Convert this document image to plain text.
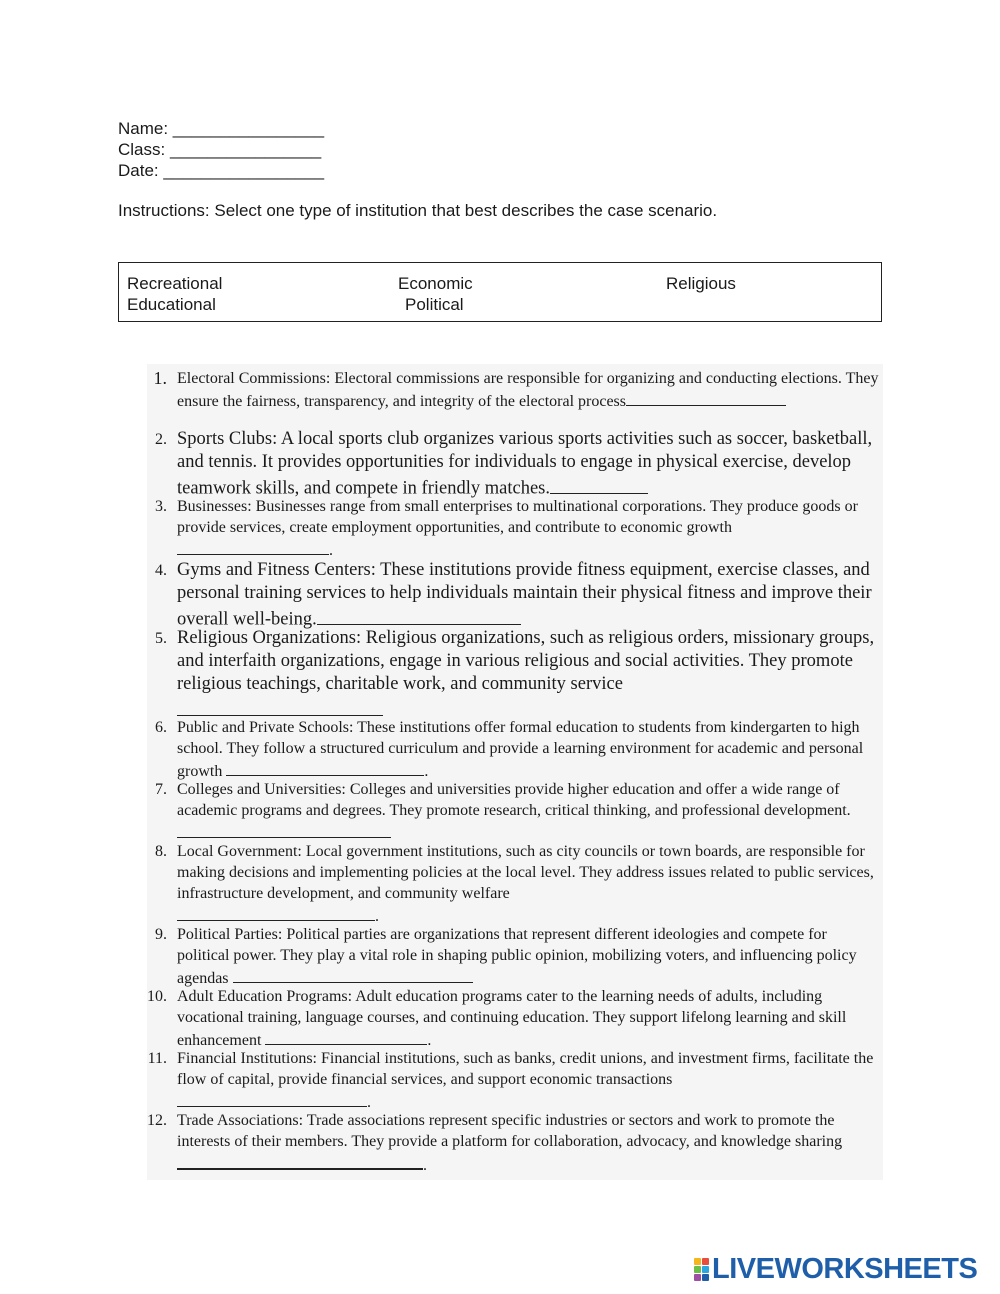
Name: ________________
Class: ________________
Date: _________________
Instructions: Select one type of institution that best describes the case scenario.
Recreational	Economic	Religious
Educational	Political
1. Electoral Commissions: Electoral commissions are responsible for organizing and conducting elections. They ensure the fairness, transparency, and integrity of the electoral process
2. Sports Clubs: A local sports club organizes various sports activities such as soccer, basketball, and tennis. It provides opportunities for individuals to engage in physical exercise, develop teamwork skills, and compete in friendly matches.
3. Businesses: Businesses range from small enterprises to multinational corporations. They produce goods or provide services, create employment opportunities, and contribute to economic growth
.
4. Gyms and Fitness Centers: These institutions provide fitness equipment, exercise classes, and personal training services to help individuals maintain their physical fitness and improve their overall well-being.
5. Religious Organizations: Religious organizations, such as religious orders, missionary groups, and interfaith organizations, engage in various religious and social activities. They promote religious teachings, charitable work, and community service

6. Public and Private Schools: These institutions offer formal education to students from kindergarten to high school. They follow a structured curriculum and provide a learning environment for academic and personal growth	.
7. Colleges and Universities: Colleges and universities provide higher education and offer a wide range of academic programs and degrees. They promote research, critical thinking, and professional development.
8. Local Government: Local government institutions, such as city councils or town boards, are responsible for making decisions and implementing policies at the local level. They address issues related to public services, infrastructure development, and community welfare
.
9. Political Parties: Political parties are organizations that represent different ideologies and compete for political power. They play a vital role in shaping public opinion, mobilizing voters, and influencing policy agendas
10. Adult Education Programs: Adult education programs cater to the learning needs of adults, including vocational training, language courses, and continuing education. They support lifelong learning and skill enhancement	.
11. Financial Institutions: Financial institutions, such as banks, credit unions, and investment firms, facilitate the flow of capital, provide financial services, and support economic transactions
.
12. Trade Associations: Trade associations represent specific industries or sectors and work to promote the interests of their members. They provide a platform for collaboration, advocacy, and knowledge sharing .
LIVEWORKSHEETS
